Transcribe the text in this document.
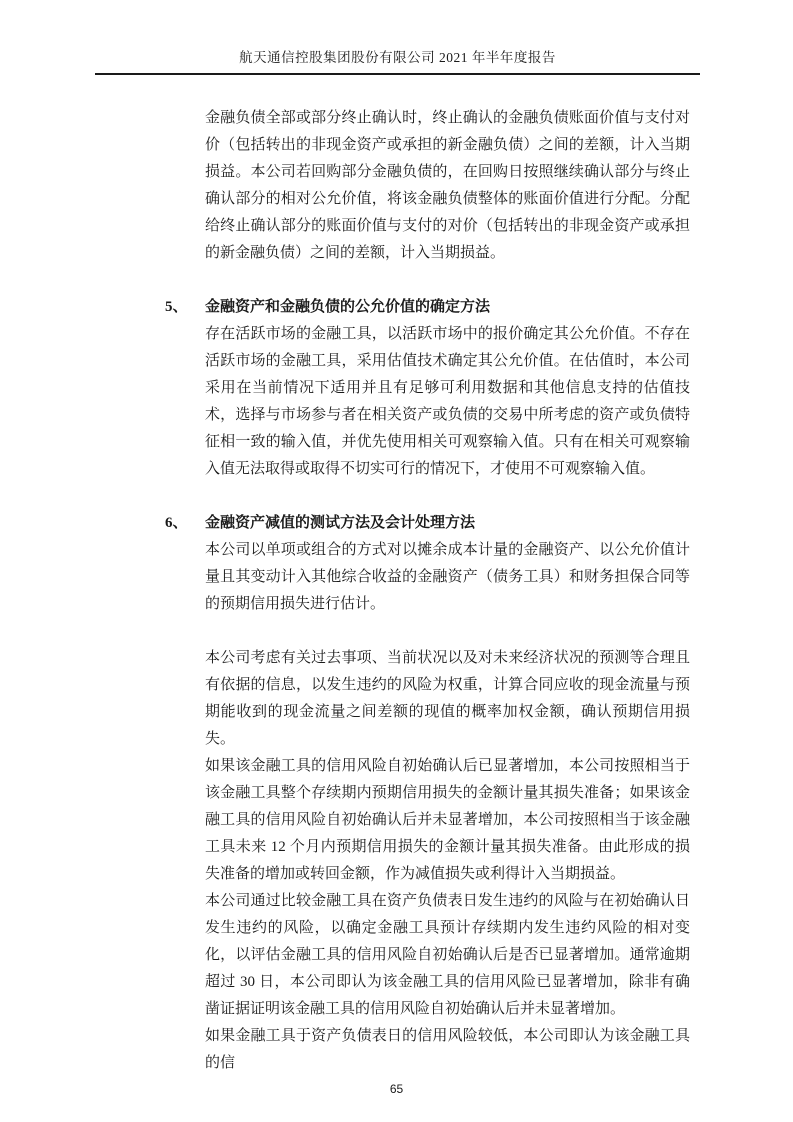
航天通信控股集团股份有限公司 2021 年半年度报告

金融负债全部或部分终止确认时，终止确认的金融负债账面价值与支付对价（包括转出的非现金资产或承担的新金融负债）之间的差额，计入当期损益。本公司若回购部分金融负债的，在回购日按照继续确认部分与终止确认部分的相对公允价值，将该金融负债整体的账面价值进行分配。分配给终止确认部分的账面价值与支付的对价（包括转出的非现金资产或承担的新金融负债）之间的差额，计入当期损益。

5、	金融资产和金融负债的公允价值的确定方法

存在活跃市场的金融工具，以活跃市场中的报价确定其公允价值。不存在活跃市场的金融工具，采用估值技术确定其公允价值。在估值时，本公司采用在当前情况下适用并且有足够可利用数据和其他信息支持的估值技术，选择与市场参与者在相关资产或负债的交易中所考虑的资产或负债特征相一致的输入值，并优先使用相关可观察输入值。只有在相关可观察输入值无法取得或取得不切实可行的情况下，才使用不可观察输入值。

6、	金融资产减值的测试方法及会计处理方法

本公司以单项或组合的方式对以摊余成本计量的金融资产、以公允价值计量且其变动计入其他综合收益的金融资产（债务工具）和财务担保合同等的预期信用损失进行估计。

本公司考虑有关过去事项、当前状况以及对未来经济状况的预测等合理且有依据的信息，以发生违约的风险为权重，计算合同应收的现金流量与预期能收到的现金流量之间差额的现值的概率加权金额，确认预期信用损失。

如果该金融工具的信用风险自初始确认后已显著增加，本公司按照相当于该金融工具整个存续期内预期信用损失的金额计量其损失准备；如果该金融工具的信用风险自初始确认后并未显著增加，本公司按照相当于该金融工具未来 12 个月内预期信用损失的金额计量其损失准备。由此形成的损失准备的增加或转回金额，作为减值损失或利得计入当期损益。

本公司通过比较金融工具在资产负债表日发生违约的风险与在初始确认日发生违约的风险，以确定金融工具预计存续期内发生违约风险的相对变化，以评估金融工具的信用风险自初始确认后是否已显著增加。通常逾期超过 30 日，本公司即认为该金融工具的信用风险已显著增加，除非有确凿证据证明该金融工具的信用风险自初始确认后并未显著增加。

如果金融工具于资产负债表日的信用风险较低，本公司即认为该金融工具的信

65
